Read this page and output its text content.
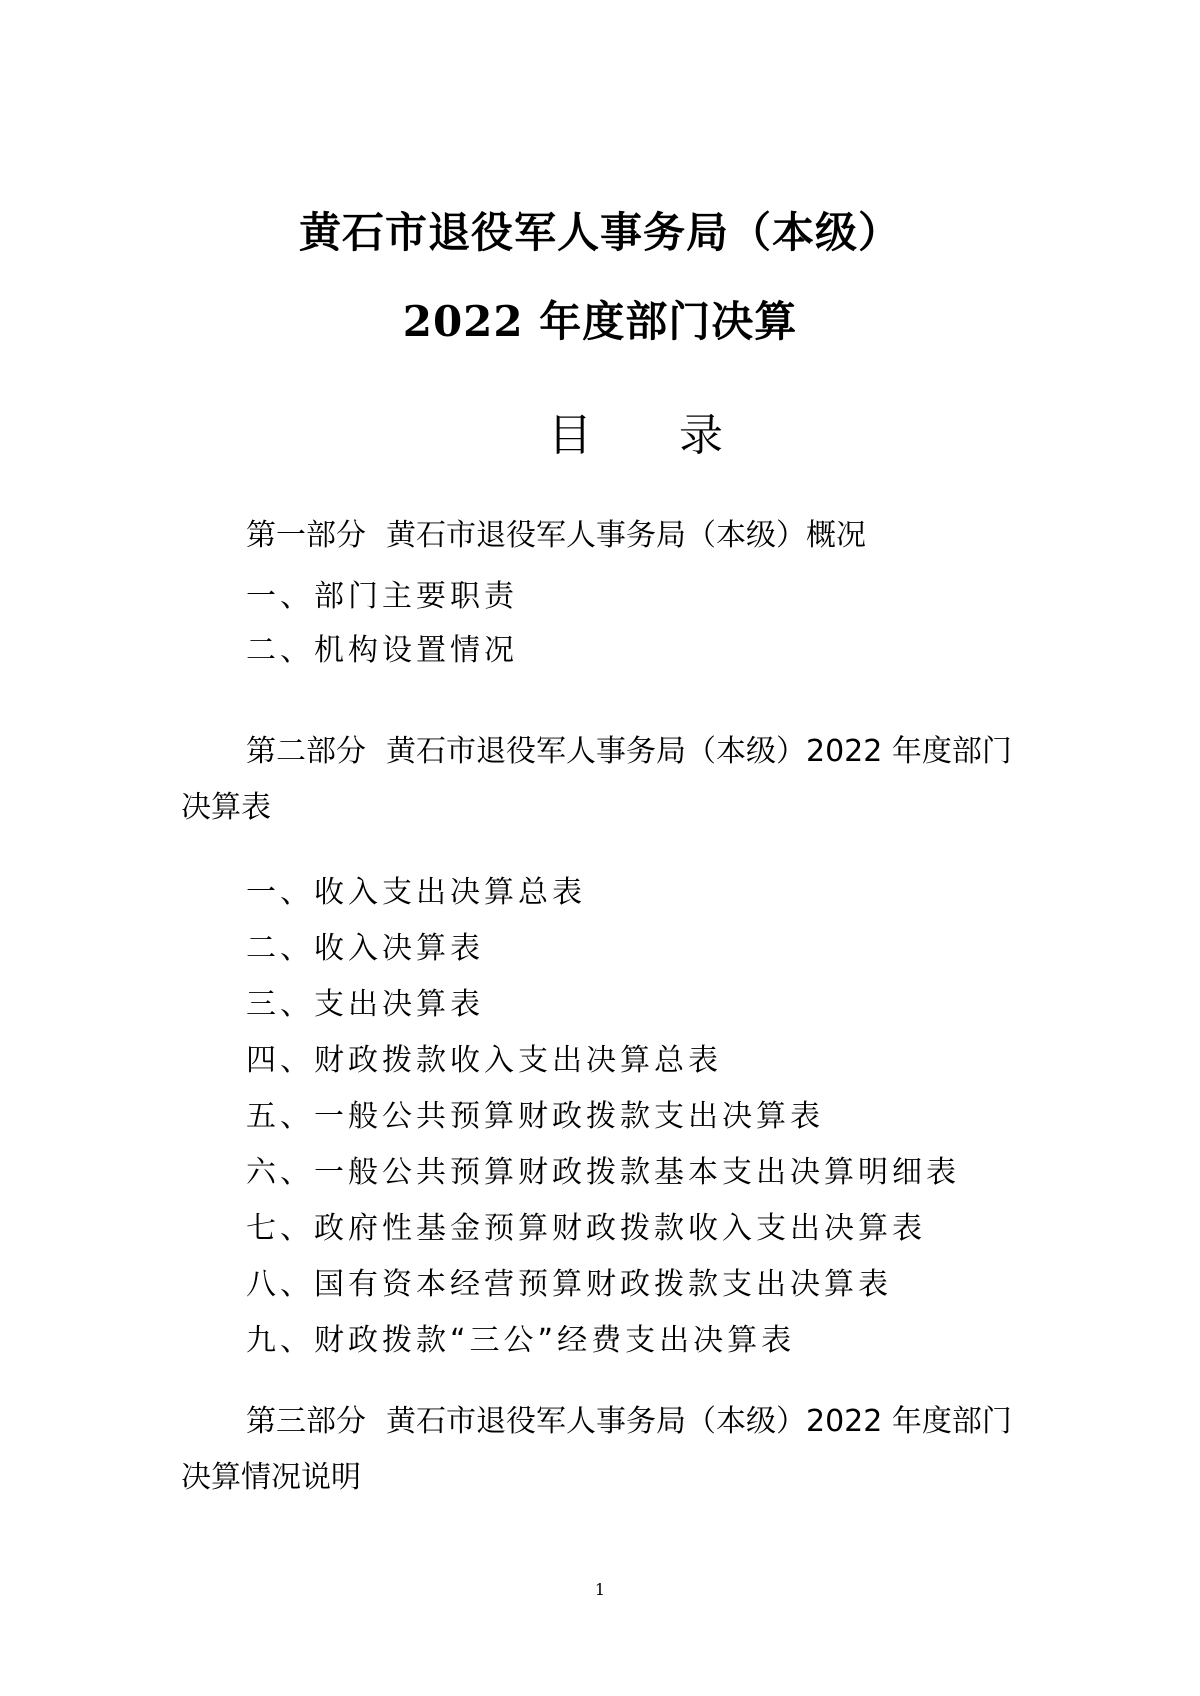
黄石市退役军人事务局（本级）
2022 年度部门决算
目 录

第一部分 黄石市退役军人事务局（本级）概况

一、部门主要职责

二、机构设置情况

第二部分 黄石市退役军人事务局（本级）2022 年度部门决算表

一、收入支出决算总表

二、收入决算表

三、支出决算表

四、财政拨款收入支出决算总表

五、一般公共预算财政拨款支出决算表

六、一般公共预算财政拨款基本支出决算明细表

七、政府性基金预算财政拨款收入支出决算表

八、国有资本经营预算财政拨款支出决算表

九、财政拨款“三公”经费支出决算表

第三部分 黄石市退役军人事务局（本级）2022 年度部门决算情况说明

1
